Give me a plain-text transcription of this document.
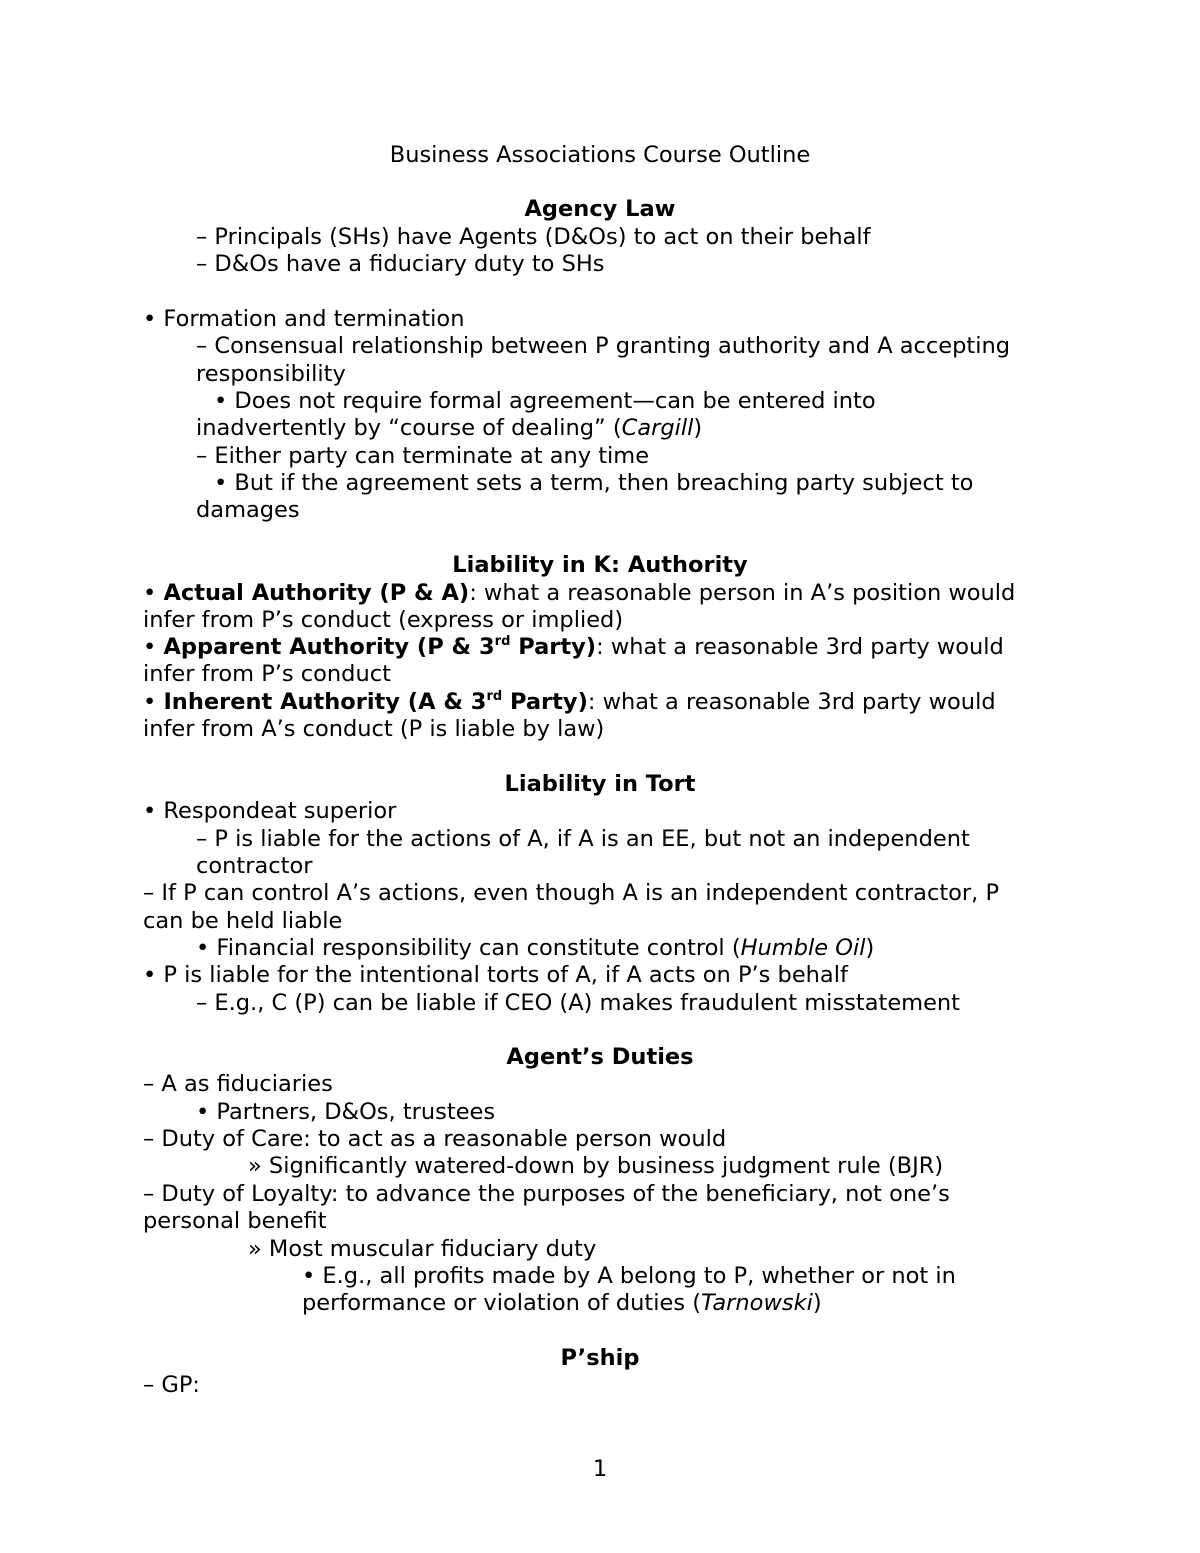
Business Associations Course Outline
Agency Law
– Principals (SHs) have Agents (D&Os) to act on their behalf
– D&Os have a fiduciary duty to SHs
• Formation and termination
– Consensual relationship between P granting authority and A accepting
responsibility
• Does not require formal agreement—can be entered into
inadvertently by “course of dealing” (Cargill)
– Either party can terminate at any time
• But if the agreement sets a term, then breaching party subject to
damages
Liability in K: Authority
• Actual Authority (P & A): what a reasonable person in A’s position would
infer from P’s conduct (express or implied)
• Apparent Authority (P & 3rd Party): what a reasonable 3rd party would
infer from P’s conduct
• Inherent Authority (A & 3rd Party): what a reasonable 3rd party would
infer from A’s conduct (P is liable by law)
Liability in Tort
• Respondeat superior
– P is liable for the actions of A, if A is an EE, but not an independent
contractor
– If P can control A’s actions, even though A is an independent contractor, P
can be held liable
• Financial responsibility can constitute control (Humble Oil)
• P is liable for the intentional torts of A, if A acts on P’s behalf
– E.g., C (P) can be liable if CEO (A) makes fraudulent misstatement
Agent’s Duties
– A as fiduciaries
• Partners, D&Os, trustees
– Duty of Care: to act as a reasonable person would
» Significantly watered-down by business judgment rule (BJR)
– Duty of Loyalty: to advance the purposes of the beneficiary, not one’s
personal benefit
» Most muscular fiduciary duty
• E.g., all profits made by A belong to P, whether or not in
performance or violation of duties (Tarnowski)
P’ship
– GP:
1
